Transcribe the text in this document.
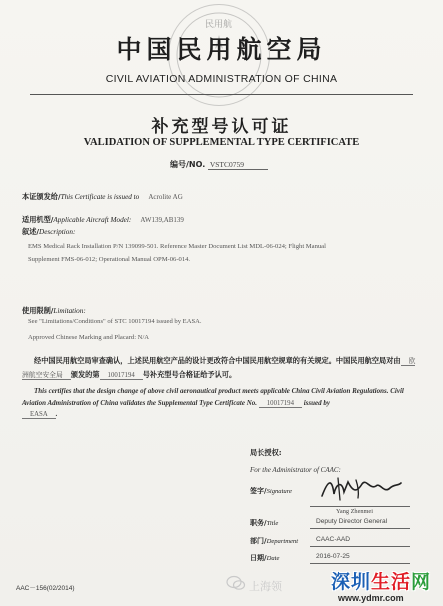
民用航
中国民用航空局
CIVIL AVIATION ADMINISTRATION OF CHINA
补充型号认可证
VALIDATION OF SUPPLEMENTAL TYPE CERTIFICATE
编号/NO. VSTC0759
本证颁发给/This Certificate is issued to Acrolite AG
适用机型/Applicable Aircraft Model: AW139,AB139
叙述/Description:
EMS Medical Rack Installation P/N 139099-501. Reference Master Document List MDL-06-024; Flight Manual
Supplement FMS-06-012; Operational Manual OPM-06-014.
使用限制/Limitation:
See "Limitations/Conditions" of STC 10017194 issued by EASA.
Approved Chinese Marking and Placard: N/A
经中国民用航空局审查确认，上述民用航空产品的设计更改符合中国民用航空规章的有关规定。中国民用航空局对由 欧洲航空安全局 颁发的第 10017194 号补充型号合格证给予认可。
This certifies that the design change of above civil aeronautical product meets applicable China Civil Aviation Regulations. Civil Aviation Administration of China validates the Supplemental Type Certificate No. 10017194 issued by
EASA .
局长授权:
For the Administrator of CAAC:
签字/Signature
Yang Zhenmei
职务/Title	Deputy Director General
部门/Department	CAAC-AAD
日期/Date	2016-07-25
AAC－156(02/2014)	上海领	深圳 生活 网
www.ydmr.com
